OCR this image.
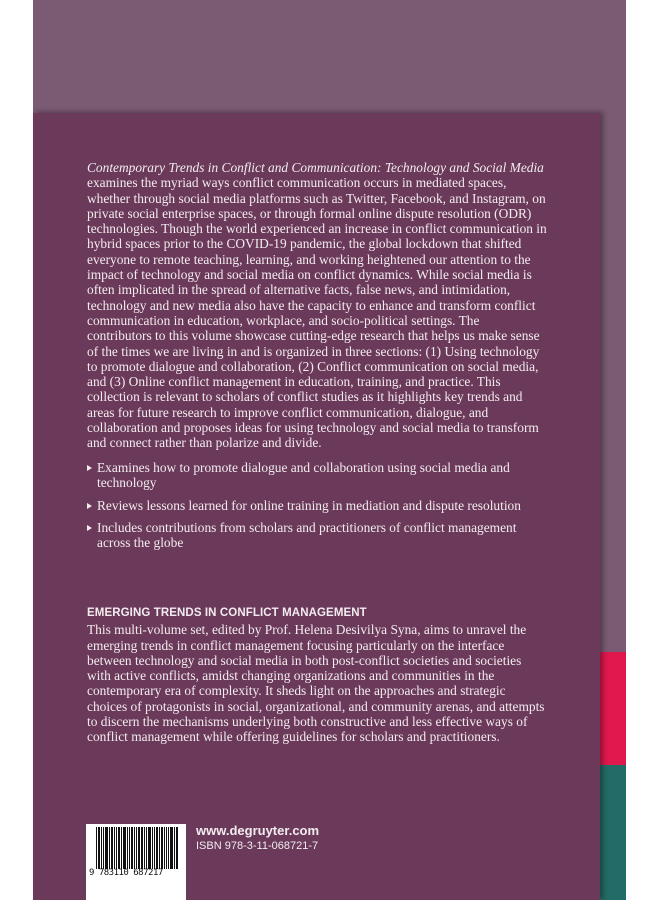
Contemporary Trends in Conflict and Communication: Technology and Social Media examines the myriad ways conflict communication occurs in mediated spaces, whether through social media platforms such as Twitter, Facebook, and Instagram, on private social enterprise spaces, or through formal online dispute resolution (ODR) technologies. Though the world experienced an increase in conflict communication in hybrid spaces prior to the COVID-19 pandemic, the global lockdown that shifted everyone to remote teaching, learning, and working heightened our attention to the impact of technology and social media on conflict dynamics. While social media is often implicated in the spread of alternative facts, false news, and intimidation, technology and new media also have the capacity to enhance and transform conflict communication in education, workplace, and socio-political settings. The contributors to this volume showcase cutting-edge research that helps us make sense of the times we are living in and is organized in three sections: (1) Using technology to promote dialogue and collaboration, (2) Conflict communication on social media, and (3) Online conflict management in education, training, and practice. This collection is relevant to scholars of conflict studies as it highlights key trends and areas for future research to improve conflict communication, dialogue, and collaboration and proposes ideas for using technology and social media to transform and connect rather than polarize and divide.

Examines how to promote dialogue and collaboration using social media and technology
Reviews lessons learned for online training in mediation and dispute resolution
Includes contributions from scholars and practitioners of conflict management across the globe
EMERGING TRENDS IN CONFLICT MANAGEMENT
This multi-volume set, edited by Prof. Helena Desivilya Syna, aims to unravel the emerging trends in conflict management focusing particularly on the interface between technology and social media in both post-conflict societies and societies with active conflicts, amidst changing organizations and communities in the contemporary era of complexity. It sheds light on the approaches and strategic choices of protagonists in social, organizational, and community arenas, and attempts to discern the mechanisms underlying both constructive and less effective ways of conflict management while offering guidelines for scholars and practitioners.
9 783110 687217
www.degruyter.com
ISBN 978-3-11-068721-7
